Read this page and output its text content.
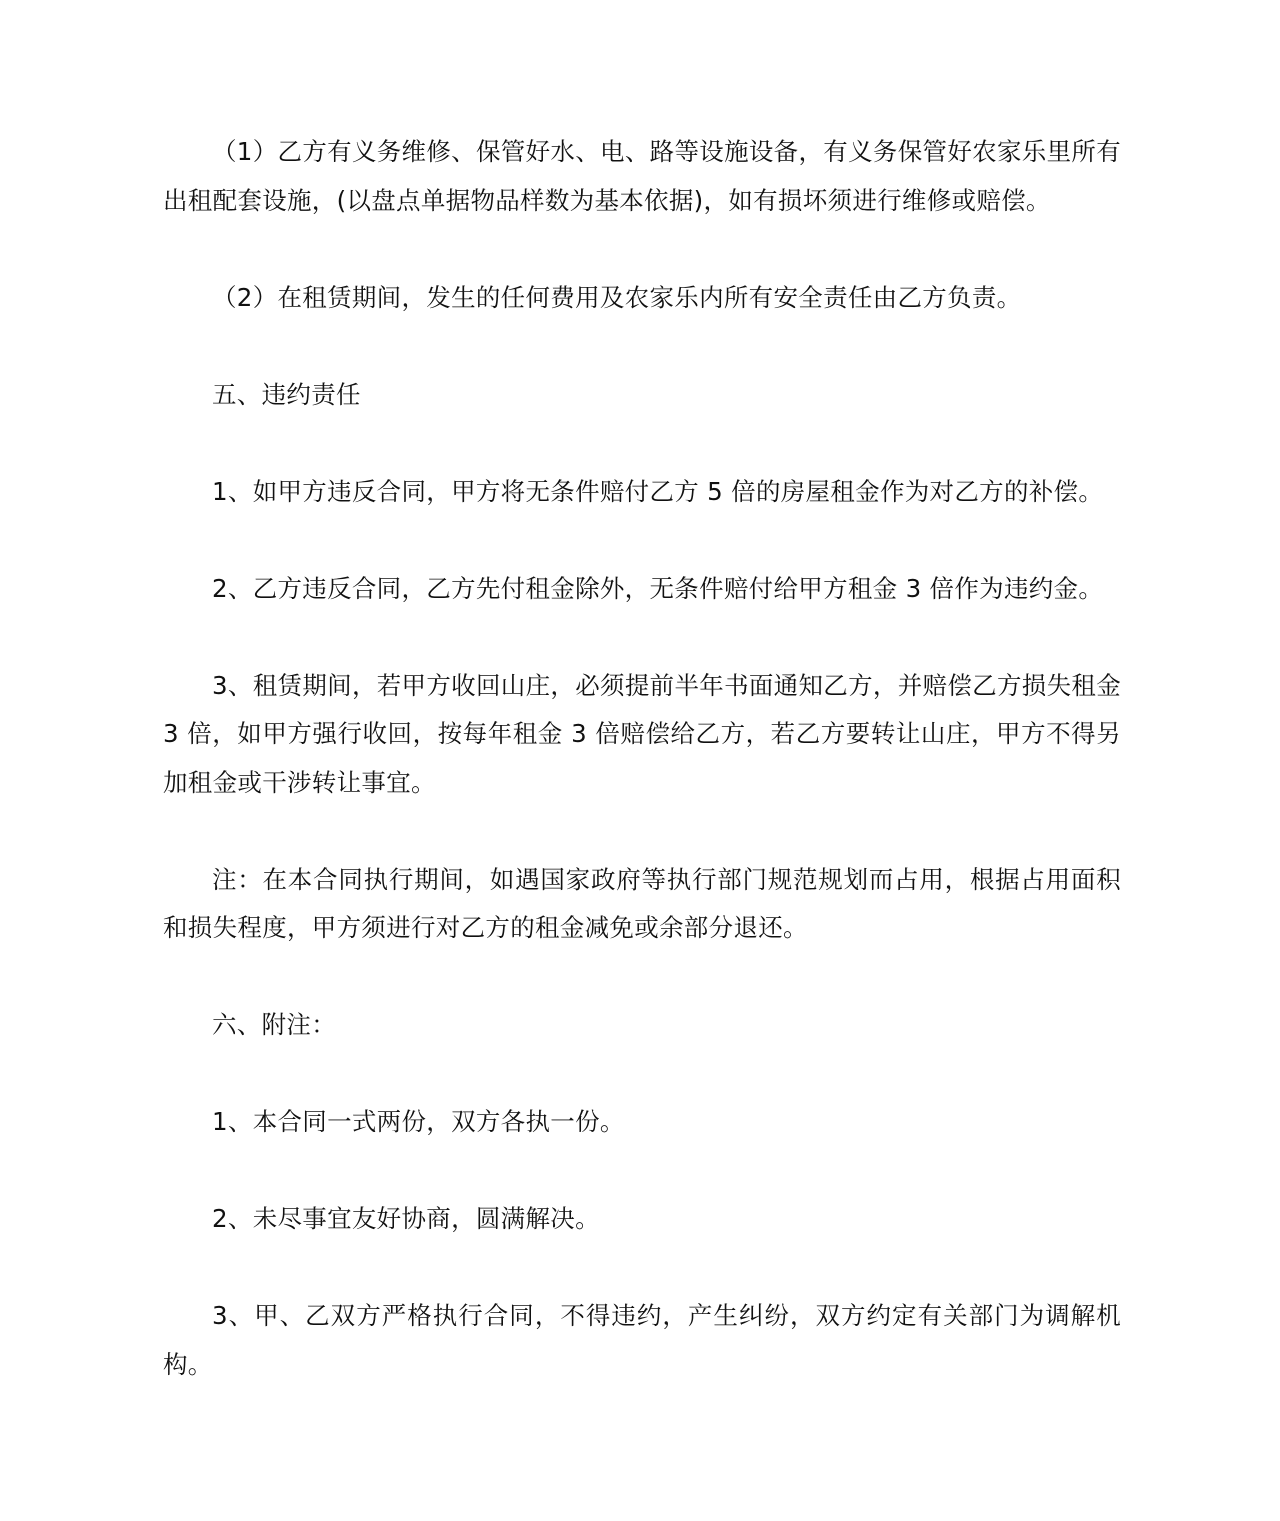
（1）乙方有义务维修、保管好水、电、路等设施设备，有义务保管好农家乐里所有出租配套设施，(以盘点单据物品样数为基本依据)，如有损坏须进行维修或赔偿。

（2）在租赁期间，发生的任何费用及农家乐内所有安全责任由乙方负责。

五、违约责任

1、如甲方违反合同，甲方将无条件赔付乙方 5 倍的房屋租金作为对乙方的补偿。

2、乙方违反合同，乙方先付租金除外，无条件赔付给甲方租金 3 倍作为违约金。

3、租赁期间，若甲方收回山庄，必须提前半年书面通知乙方，并赔偿乙方损失租金 3 倍，如甲方强行收回，按每年租金 3 倍赔偿给乙方，若乙方要转让山庄，甲方不得另加租金或干涉转让事宜。

注：在本合同执行期间，如遇国家政府等执行部门规范规划而占用，根据占用面积和损失程度，甲方须进行对乙方的租金减免或余部分退还。

六、附注：

1、本合同一式两份，双方各执一份。

2、未尽事宜友好协商，圆满解决。

3、甲、乙双方严格执行合同，不得违约，产生纠纷，双方约定有关部门为调解机构。
